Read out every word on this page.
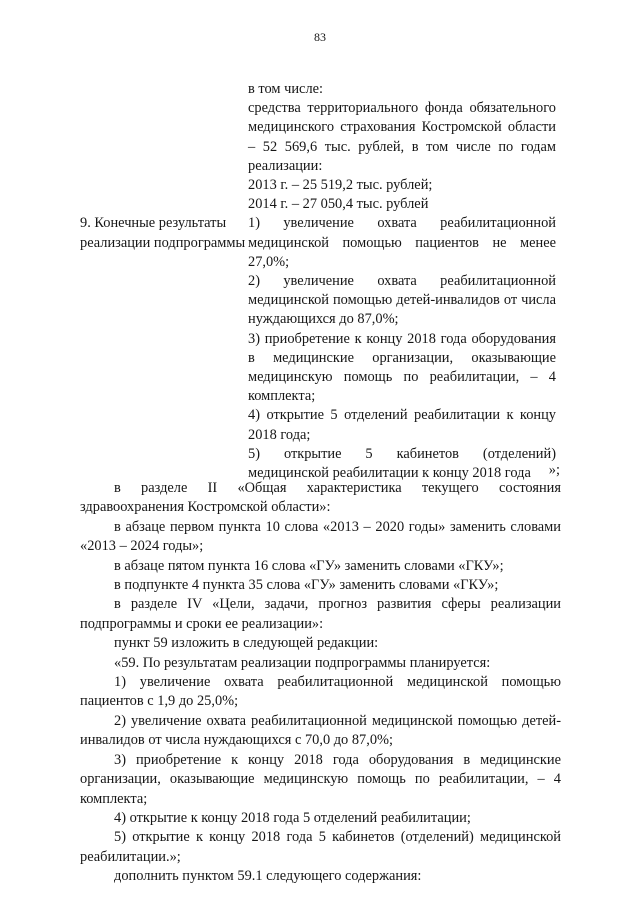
83

в том числе:

средства территориального фонда обязательного медицинского страхования Костромской области – 52 569,6 тыс. рублей, в том числе по годам реализации:

2013 г. – 25 519,2 тыс. рублей;

2014 г. – 27 050,4 тыс. рублей

9. Конечные результаты реализации подпрограммы

1) увеличение охвата реабилитационной медицинской помощью пациентов не менее 27,0%;

2) увеличение охвата реабилитационной медицинской помощью детей-инвалидов от числа нуждающихся до 87,0%;

3) приобретение к концу 2018 года оборудования в медицинские организации, оказывающие медицинскую помощь по реабилитации, – 4 комплекта;

4) открытие 5 отделений реабилитации к концу 2018 года;

5) открытие 5 кабинетов (отделений) медицинской реабилитации к концу 2018 года	»;

в разделе II «Общая характеристика текущего состояния здравоохранения Костромской области»:

в абзаце первом пункта 10 слова «2013 – 2020 годы» заменить словами «2013 – 2024 годы»;

в абзаце пятом пункта 16 слова «ГУ» заменить словами «ГКУ»;

в подпункте 4 пункта 35 слова «ГУ» заменить словами «ГКУ»;

в разделе IV «Цели, задачи, прогноз развития сферы реализации подпрограммы и сроки ее реализации»:

пункт 59 изложить в следующей редакции:

«59. По результатам реализации подпрограммы планируется:

1) увеличение охвата реабилитационной медицинской помощью пациентов с 1,9 до 25,0%;

2) увеличение охвата реабилитационной медицинской помощью детей-инвалидов от числа нуждающихся с 70,0 до 87,0%;

3) приобретение к концу 2018 года оборудования в медицинские организации, оказывающие медицинскую помощь по реабилитации, – 4 комплекта;

4) открытие к концу 2018 года 5 отделений реабилитации;

5) открытие к концу 2018 года 5 кабинетов (отделений) медицинской реабилитации.»;

дополнить пунктом 59.1 следующего содержания:
